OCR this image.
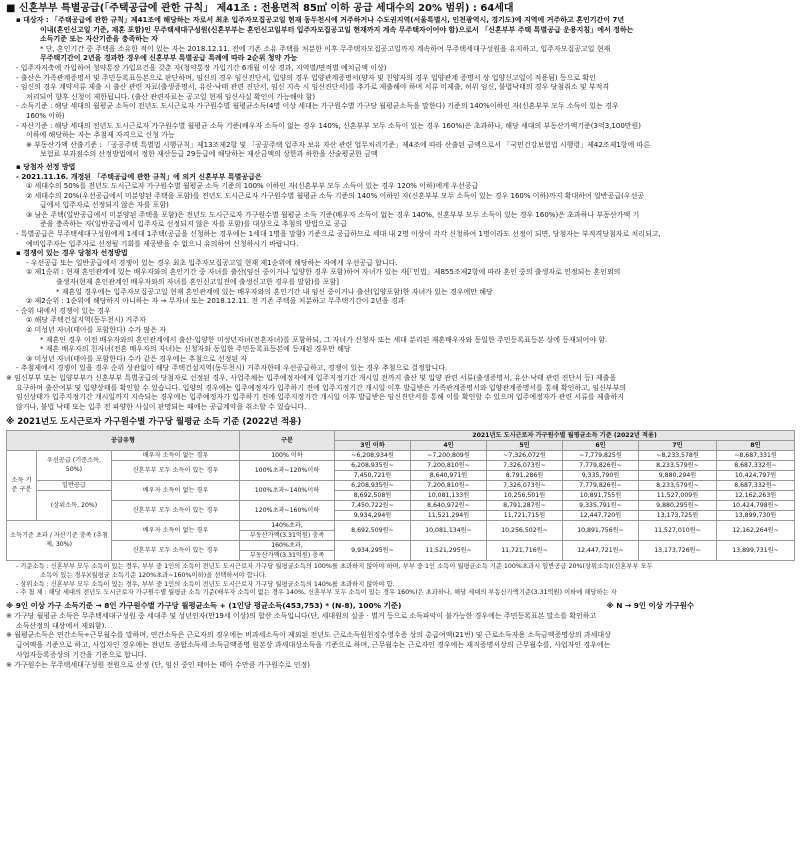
■ 신혼부부 특별공급(「주택공급에 관한 규칙」 제41조 : 전용면적 85㎡ 이하 공급 세대수의 20% 범위) : 64세대

▪ 대상자 : 「주택공급에 관한 규칙」제41조에 해당하는 자로서 최초 입주자모집공고일 현재 동두천시에 거주하거나 수도권지역(서울특별시, 인천광역시, 경기도)에 지역에 거주하고 혼인기간이 7년

이내(혼인신고일 기준, 재혼 포함)인 무주택세대구성원(신혼부부는 혼인신고일부터 입주자모집공고일 현재까지 계속 무주택자이어야 함)으로서 「신혼부부 주택 특별공급 운용지침」에서 정하는

소득기준 또는 자산기준을 충족하는 자

* 단, 혼인기간 중 주택을 소유한 적이 있는 자는 2018.12.11. 전에 기존 소유 주택을 처분한 이후 무주택자모집공고일까지 계속하여 무주택세대구성원을 유지하고, 입주자모집공고일 현재

무주택기간이 2년을 경과한 경우에 신혼부부 특별공급 특례에 따라 2순위 청약 가능

- 입주자저축에 가입하여 청약통장 가입요건을 갖춘 자(청약통장 가입기간 6개월 이상 경과, 지역별/면적별 예치금액 이상)

- 출산은 가족관계증명서 및 주민등록표등본으로 판단하며, 임신의 경우 임신진단서, 입양의 경우 입양관계증명서(양자 및 친양자의 경우 입양관계 증명서 상 입양신고일이 적용됨) 등으로 확인

- 임신의 경우 계약서류 제출 시 출산 관련 자료(출생증명서, 유산·낙태 관련 진단서, 임신 지속 시 임신진단서)를 추가로 제출해야 하며 서류 미제출, 허위 임신, 불법낙태의 경우 당첨취소 및 부적격

처리되어 향후 신청이 제한됩니다. (출산 관련자료는 공고일 현재 임신사실 확인이 가능해야 함)

- 소득기준 : 해당 세대의 월평균 소득이 전년도 도시근로자 가구원수별 월평균소득(4명 이상 세대는 가구원수별 가구당 월평균소득을 말한다) 기준의 140%이하인 자(신혼부부 모두 소득이 있는 경우

160% 이하)

- 자산기준 : 해당 세대의 전년도 도시근로자 가구원수별 월평균 소득 기준(배우자 소득이 없는 경우 140%, 신혼부부 모두 소득이 있는 경우 160%)은 초과하나, 해당 세대의 부동산가액기준(3억3,100만원)

이하에 해당하는 자는 추첨제 자격으로 신청 가능

※ 부동산가액 산출기준 : 「공공주택 특별법 시행규칙」제13조제2항 및 「공공주택 입주자 보유 자산 관련 업무처리기준」제4조에 따라 산출된 금액으로서 「국민건강보험법 시행령」제42조제1항에 따른

보험료 부과점수의 산정방법에서 정한 재산등급 29등급에 해당하는 재산금액의 상한과 하한을 산술평균한 금액

▪ 당첨자 선정 방법

- 2021.11.16. 개정된 「주택공급에 관한 규칙」에 의거 신혼부부 특별공급은

① 세대수의 50%를 전년도 도시근로자 가구원수별 월평균 소득 기준의 100% 이하인 자(신혼부부 모두 소득이 있는 경우 120% 이하)에게 우선공급

② 세대수의 20%(우선공급에서 미분양된 주택을 포함)를 전년도 도시근로자 가구원수별 월평균 소득 기준의 140% 이하인 자(신혼부부 모두 소득이 있는 경우 160% 이하)까지 확대하여 일반공급(우선공

급에서 입주자로 선정되지 않은 자를 포함)

③ 남은 주택(일반공급에서 미분양된 주택을 포함)은 전년도 도시근로자 가구원수별 월평균 소득 기준(배우자 소득이 없는 경우 140%, 신혼부부 모두 소득이 있는 경우 160%)은 초과하나 부동산가액 기

준을 충족하는 자(일반공급에서 입주자로 선정되지 않은 자를 포함)를 대상으로 추첨의 방법으로 공급

- 특별공급은 무주택세대구성원에게 1세대 1주택(공급을 신청하는 경우에는 1세대 1명을 말함) 기준으로 공급하므로 세대 내 2명 이상이 각각 신청하여 1명이라도 선정이 되면, 당첨자는 부적격당첨자로 처리되고,

예비입주자는 입주자로 선정될 기회를 제공받을 수 없으니 유의하여 신청하시기 바랍니다.

▪ 경쟁이 있는 경우 당첨자 선정방법

- 우선공급 또는 일반공급에서 경쟁이 있는 경우 최초 입주자모집공고일 현재 제1순위에 해당하는 자에게 우선공급 합니다.

① 제1순위 : 현재 혼인관계에 있는 배우자와의 혼인기간 중 자녀를 출산(임신 중이거나 입양한 경우 포함)하여 자녀가 있는 자[「민법」제855조제2항에 따라 혼인 중의 출생자로 인정되는 혼인외의

출생자(현재 혼인관계인 배우자와의 자녀를 혼인신고일전에 출생신고한 경우를 말함)를 포함]

* 재혼일 경우에는 입주자모집공고일 현재 혼인관계에 있는 배우자와의 혼인기간 내 임신 중이거나 출산(입양포함)한 자녀가 있는 경우에만 해당

② 제2순위 : 1순위에 해당하지 아니하는 자 → 무자녀 또는 2018.12.11. 전 기존 주택을 처분하고 무주택기간이 2년을 경과

- 순위 내에서 경쟁이 있는 경우

① 해당 주택건설지역(동두천시) 거주자

② 미성년 자녀(태아를 포함한다) 수가 많은 자

* 재혼인 경우 이전 배우자와의 혼인관계에서 출산·입양한 미성년자녀(전혼자녀)를 포함하되, 그 자녀가 신청자 또는 세대 분리된 재혼배우자와 동일한 주민등록표등본 상에 등재되어야 함.

* 재혼 배우자의 친자녀(전혼 배우자의 자녀)는 신청자와 동일한 주민등록표등본에 등재된 경우만 해당

③ 미성년 자녀(태아를 포함한다) 수가 같은 경우에는 추첨으로 선정된 자

- 추첨제에서 경쟁이 있을 경우 순위 상관없이 해당 주택건설지역(동두천시) 거주자한테 우선공급하고, 경쟁이 있는 경우 추첨으로 결정합니다.

※ 임신부부 또는 입양부부가 신혼부부 특별공급의 당첨자로 선정된 경우, 사업주체는 입주예정자에게 입주지정기간 개시일 전까지 출산 및 입양 관련 서류(출생증명서, 유산·낙태 관련 진단서 등) 제출을

요구하며 출산여부 및 입양상태를 확인할 수 있습니다. 입양의 경우에는 입주예정자가 입주하기 전에 입주지정기간 개시일 이후 발급받은 가족관계증명서와 입양관계증명서를 통해 확인하고, 임신부부의

임신상태가 입주지정기간 개시일까지 지속되는 경우에는 입주예정자가 입주하기 전에 입주지정기간 개시일 이후 발급받은 임신진단서를 통해 이를 확인할 수 있으며 입주예정자가 관련 서류를 제출하지

않거나, 불법 낙태 또는 입주 전 파양한 사실이 판명되는 때에는 공급계약을 취소할 수 있습니다.

※ 2021년도 도시근로자 가구원수별 가구당 월평균 소득 기준 (2022년 적용)
공급유형			구분	2021년도 도시근로자 가구원수별 월평균소득 기준 (2022년 적용)					
				3인 이하	4인	5인	6인	7인	8인
소득 기준 구분	우선공급 (기준소득, 50%)	배우자 소득이 없는 경우	100% 이하	~6,208,934원	~7,200,809원	~7,326,072원	~7,779,825원	~8,233,578원	~8,687,331원
		신혼부부 모두 소득이 있는 경우	100%초과~120%이하	6,208,935원~	7,200,810원~	7,326,073원~	7,779,826원~	8,233,579원~	8,687,332원~
				7,450,721원	8,640,971원	8,791,286원	9,335,790원	9,880,294원	10,424,797원
	일반공급	배우자 소득이 없는 경우	100%초과~140%이하	6,208,935원~	7,200,810원~	7,326,073원~	7,779,826원~	8,233,579원~	8,687,332원~
	(상위소득, 20%)			8,692,508원	10,081,133원	10,256,501원	10,891,755원	11,527,009원	12,162,263원
		신혼부부 모두 소득이 있는 경우	120%초과~160%이하	7,450,722원~	8,640,972원~	8,791,287원~	9,335,791원~	9,880,295원~	10,424,798원~
				9,934,294원	11,521,294원	11,721,715원	12,447,720원	13,173,725원	13,899,730원
소득기준 초과 / 자산기준 충족 (추첨제, 30%)		배우자 소득이 없는 경우	140%초과,	8,692,509원~	10,081,134원~	10,256,502원~	10,891,756원~	11,527,010원~	12,162,264원~
			부동산가액(3.31억원) 충족						
		신혼부부 모두 소득이 있는 경우	160%초과,	9,934,295원~	11,521,295원~	11,721,716원~	12,447,721원~	13,173,726원~	13,899,731원~
			부동산가액(3.31억원) 충족						

- 기준소득 : 신혼부부 모두 소득이 있는 경우, 부부 중 1인의 소득이 전년도 도시근로자 가구당 월평균소득의 100%를 초과하지 않아야 하며, 부부 중 1인 소득이 월평균소득 기준 100%초과시 일반공급 20%(상위소득)(신혼부부 모두

소득이 있는 경우)(월평균 소득기준 120%초과~160%이하)을 선택하셔야 합니다.

- 상위소득 : 신혼부부 모두 소득이 있는 경우, 부부 중 1인의 소득이 전년도 도시근로자 가구당 월평균소득의 140%를 초과하지 않아야 함.

- 추 첨 제 : 해당 세대의 전년도 도시근로자 가구원수별 월평균 소득 기준(배우자 소득이 없는 경우 140%, 신혼부부 모두 소득이 있는 경우 160%)은 초과하나, 해당 세대의 부동산가액기준(3.31억원) 이하에 해당하는 자

※ 9인 이상 가구 소득기준 → 8인 가구원수별 가구당 월평균소득 + (1인당 평균소득(453,753) * (N-8), 100% 기준)	※ N → 9인 이상 가구원수

※ 가구당 월평균 소득은 무주택세대구성원 중 세대주 및 성년인자(만19세 이상)의 합산 소득입니다(단, 세대원의 실종 · 별거 등으로 소득파악이 불가능한 경우에는 주민등록표본 말소를 확인하고

소득산정의 대상에서 제외함).

※ 월평균소득은 연간소득÷근무월수를 말하며, 연간소득은 근로자의 경우에는 비과세소득이 제외된 전년도 근로소득원천징수영수증 상의 총급여액(21번) 및 근로소득자용 소득금액증명상의 과세대상

급여액을 기준으로 하고, 사업자인 경우에는 전년도 종합소득세 소득금액증명 원본상 과세대상소득을 기준으로 하며, 근무월수는 근로자인 경우에는 재직증명서상의 근무월수를, 사업자인 경우에는

사업자등록증상의 기간을 기준으로 합니다.

※ 가구원수는 무주택세대구성원 전원으로 산정 (단, 임신 중인 태아는 태아 수만큼 가구원수로 인정)
